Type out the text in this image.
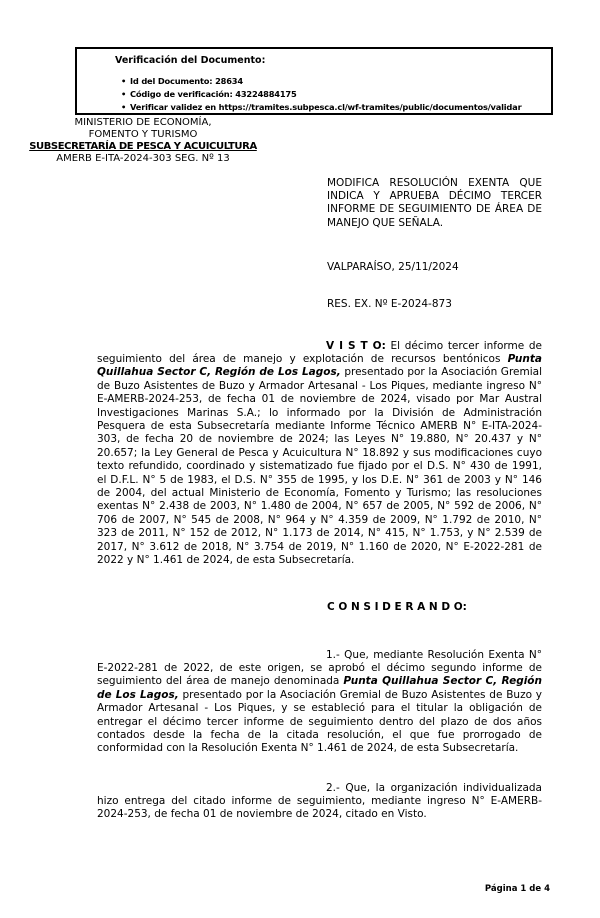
Verificación del Documento:
• Id del Documento: 28634
• Código de verificación: 43224884175
• Verificar validez en https://tramites.subpesca.cl/wf-tramites/public/documentos/validar
MINISTERIO DE ECONOMÍA,
FOMENTO Y TURISMO
SUBSECRETARÍA DE PESCA Y ACUICULTURA
AMERB E-ITA-2024-303 SEG. Nº 13
MODIFICA RESOLUCIÓN EXENTA QUE INDICA Y APRUEBA DÉCIMO TERCER INFORME DE SEGUIMIENTO DE ÁREA DE MANEJO QUE SEÑALA.
VALPARAÍSO, 25/11/2024
RES. EX. Nº E-2024-873

V I S T O: El décimo tercer informe de seguimiento del área de manejo y explotación de recursos bentónicos Punta Quillahua Sector C, Región de Los Lagos, presentado por la Asociación Gremial de Buzo Asistentes de Buzo y Armador Artesanal - Los Piques, mediante ingreso N° E-AMERB-2024-253, de fecha 01 de noviembre de 2024, visado por Mar Austral Investigaciones Marinas S.A.; lo informado por la División de Administración Pesquera de esta Subsecretaría mediante Informe Técnico AMERB N° E-ITA-2024-303, de fecha 20 de noviembre de 2024; las Leyes N° 19.880, N° 20.437 y N° 20.657; la Ley General de Pesca y Acuicultura N° 18.892 y sus modificaciones cuyo texto refundido, coordinado y sistematizado fue fijado por el D.S. N° 430 de 1991, el D.F.L. N° 5 de 1983, el D.S. N° 355 de 1995, y los D.E. N° 361 de 2003 y N° 146 de 2004, del actual Ministerio de Economía, Fomento y Turismo; las resoluciones exentas N° 2.438 de 2003, N° 1.480 de 2004, N° 657 de 2005, N° 592 de 2006, N° 706 de 2007, N° 545 de 2008, N° 964 y N° 4.359 de 2009, N° 1.792 de 2010, N° 323 de 2011, N° 152 de 2012, N° 1.173 de 2014, N° 415, N° 1.753, y N° 2.539 de 2017, N° 3.612 de 2018, N° 3.754 de 2019, N° 1.160 de 2020, N° E-2022-281 de 2022 y N° 1.461 de 2024, de esta Subsecretaría.

C O N S I D E R A N D O:

1.- Que, mediante Resolución Exenta N° E-2022-281 de 2022, de este origen, se aprobó el décimo segundo informe de seguimiento del área de manejo denominada Punta Quillahua Sector C, Región de Los Lagos, presentado por la Asociación Gremial de Buzo Asistentes de Buzo y Armador Artesanal - Los Piques, y se estableció para el titular la obligación de entregar el décimo tercer informe de seguimiento dentro del plazo de dos años contados desde la fecha de la citada resolución, el que fue prorrogado de conformidad con la Resolución Exenta N° 1.461 de 2024, de esta Subsecretaría.

2.- Que, la organización individualizada hizo entrega del citado informe de seguimiento, mediante ingreso N° E-AMERB-2024-253, de fecha 01 de noviembre de 2024, citado en Visto.

Página 1 de 4
